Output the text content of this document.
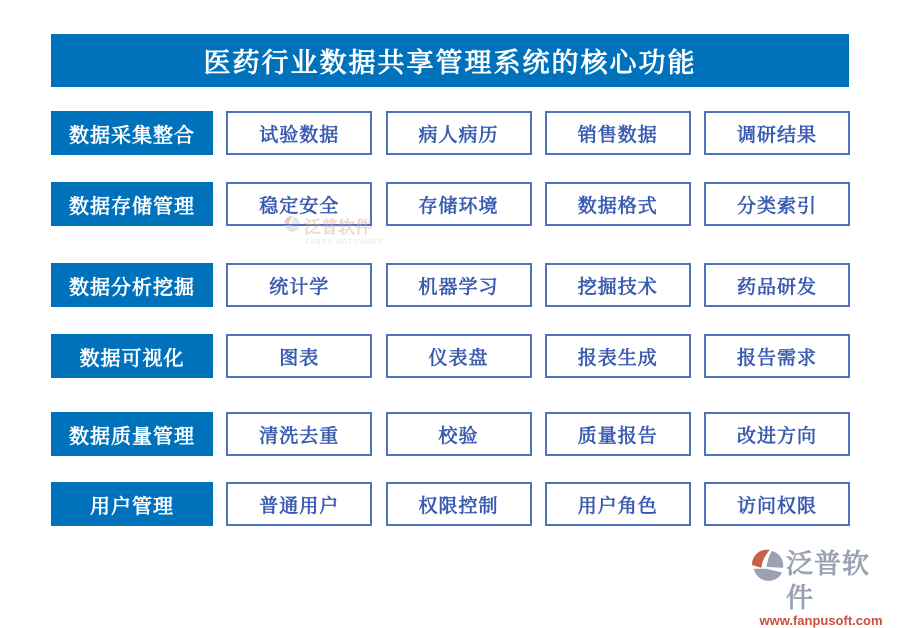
医药行业数据共享管理系统的核心功能
数据采集整合	试验数据	病人病历	销售数据	调研结果
数据存储管理	稳定安全	存储环境	数据格式	分类索引
数据分析挖掘	统计学	机器学习	挖掘技术	药品研发
数据可视化	图表	仪表盘	报表生成	报告需求
数据质量管理	清洗去重	校验	质量报告	改进方向
用户管理	普通用户	权限控制	用户角色	访问权限
泛普软件
FANPU SOFTWARE
泛普软件
www.fanpusoft.com
